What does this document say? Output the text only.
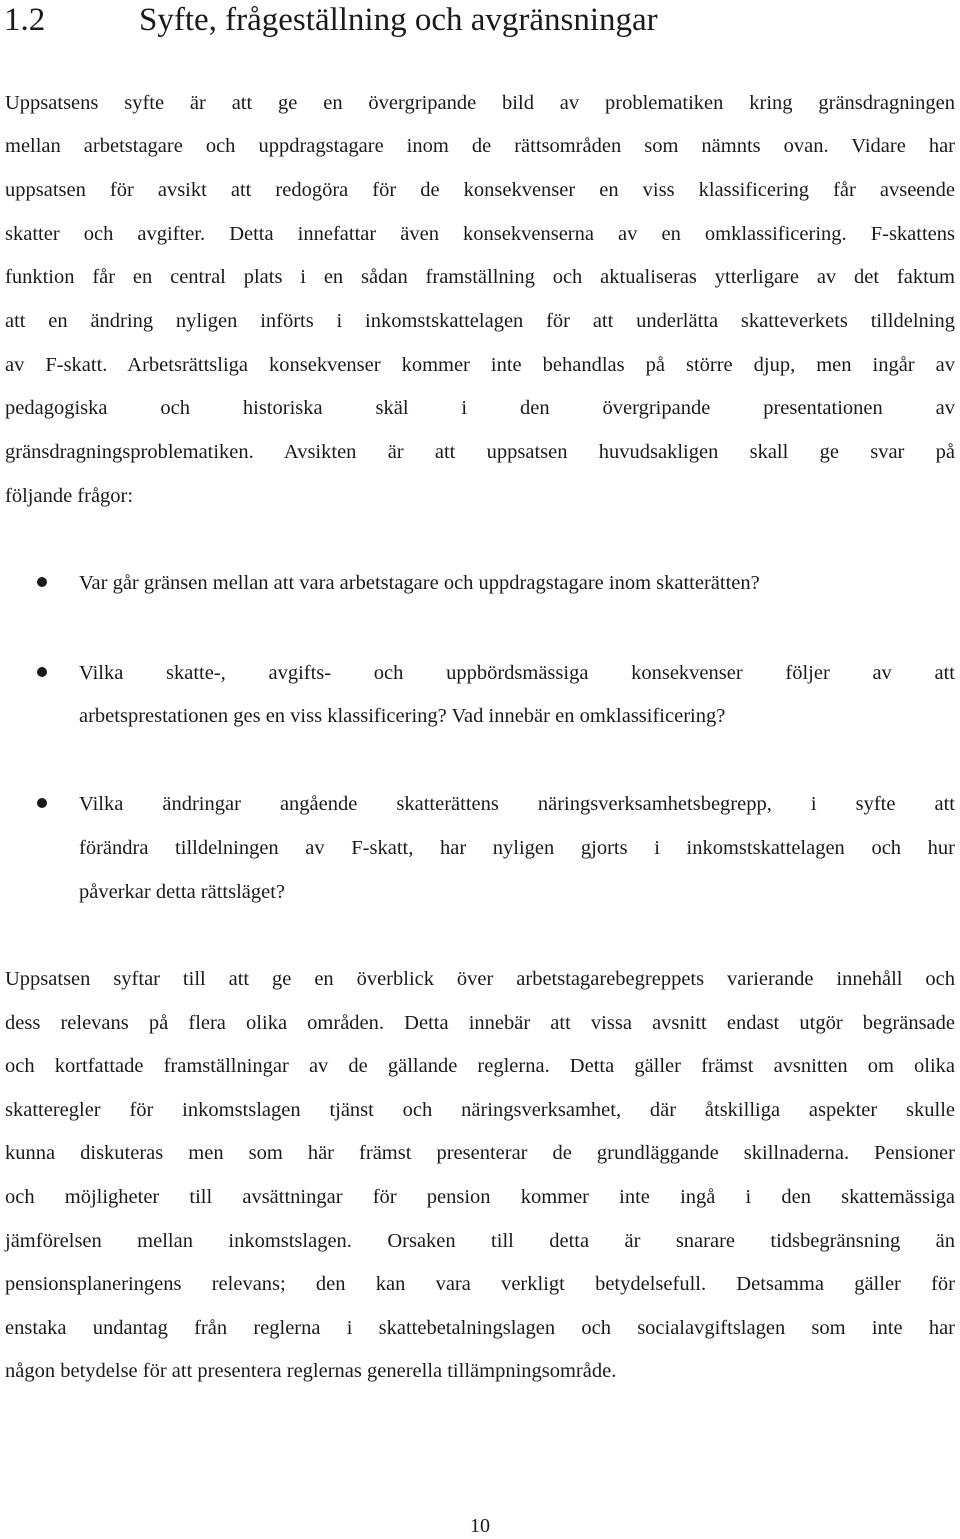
1.2	Syfte, frågeställning och avgränsningar
Uppsatsens syfte är att ge en övergripande bild av problematiken kring gränsdragningen
mellan arbetstagare och uppdragstagare inom de rättsområden som nämnts ovan. Vidare har
uppsatsen för avsikt att redogöra för de konsekvenser en viss klassificering får avseende
skatter och avgifter. Detta innefattar även konsekvenserna av en omklassificering. F-skattens
funktion får en central plats i en sådan framställning och aktualiseras ytterligare av det faktum
att en ändring nyligen införts i inkomstskattelagen för att underlätta skatteverkets tilldelning
av F-skatt. Arbetsrättsliga konsekvenser kommer inte behandlas på större djup, men ingår av
pedagogiska och historiska skäl i den övergripande presentationen av
gränsdragningsproblematiken. Avsikten är att uppsatsen huvudsakligen skall ge svar på
följande frågor:
Var går gränsen mellan att vara arbetstagare och uppdragstagare inom skatterätten?
Vilka skatte-, avgifts- och uppbördsmässiga konsekvenser följer av att
arbetsprestationen ges en viss klassificering? Vad innebär en omklassificering?
Vilka ändringar angående skatterättens näringsverksamhetsbegrepp, i syfte att
förändra tilldelningen av F-skatt, har nyligen gjorts i inkomstskattelagen och hur
påverkar detta rättsläget?
Uppsatsen syftar till att ge en överblick över arbetstagarebegreppets varierande innehåll och
dess relevans på flera olika områden. Detta innebär att vissa avsnitt endast utgör begränsade
och kortfattade framställningar av de gällande reglerna. Detta gäller främst avsnitten om olika
skatteregler för inkomstslagen tjänst och näringsverksamhet, där åtskilliga aspekter skulle
kunna diskuteras men som här främst presenterar de grundläggande skillnaderna. Pensioner
och möjligheter till avsättningar för pension kommer inte ingå i den skattemässiga
jämförelsen mellan inkomstslagen. Orsaken till detta är snarare tidsbegränsning än
pensionsplaneringens relevans; den kan vara verkligt betydelsefull. Detsamma gäller för
enstaka undantag från reglerna i skattebetalningslagen och socialavgiftslagen som inte har
någon betydelse för att presentera reglernas generella tillämpningsområde.
10
